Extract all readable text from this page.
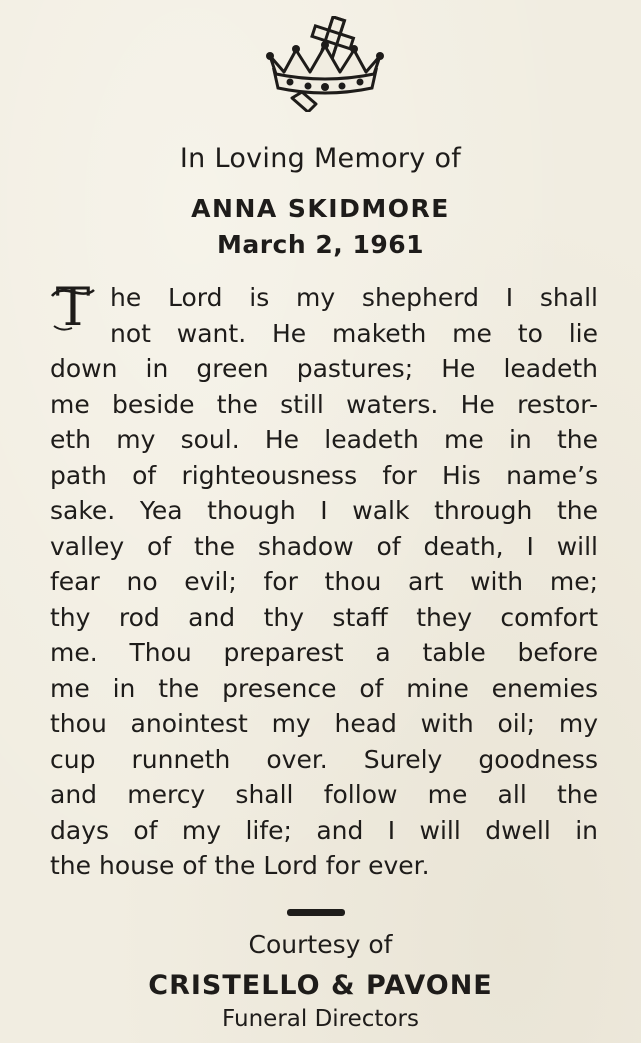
In Loving Memory of
ANNA SKIDMORE
March 2, 1961
T he Lord is my shepherd I shall
not want. He maketh me to lie
down in green pastures; He leadeth
me beside the still waters. He restor-
eth my soul. He leadeth me in the
path of righteousness for His name’s
sake. Yea though I walk through the
valley of the shadow of death, I will
fear no evil; for thou art with me;
thy rod and thy staff they comfort
me. Thou preparest a table before
me in the presence of mine enemies
thou anointest my head with oil; my
cup runneth over. Surely goodness
and mercy shall follow me all the
days of my life; and I will dwell in
the house of the Lord for ever.
Courtesy of
CRISTELLO & PAVONE
Funeral Directors
